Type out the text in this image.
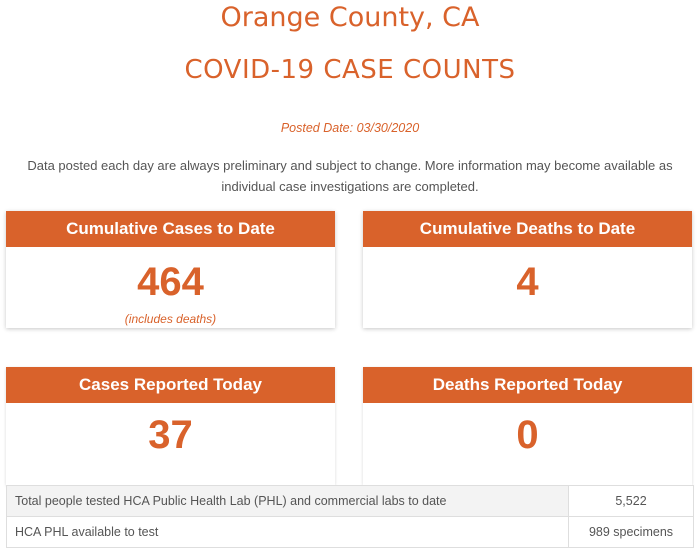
Orange County, CA
COVID-19 CASE COUNTS
Posted Date: 03/30/2020

Data posted each day are always preliminary and subject to change. More information may become available as individual case investigations are completed.

Cumulative Cases to Date
464
(includes deaths)
Cumulative Deaths to Date
4
Cases Reported Today
37
Deaths Reported Today
0
Total people tested HCA Public Health Lab (PHL) and commercial labs to date	5,522
HCA PHL available to test	989 specimens
